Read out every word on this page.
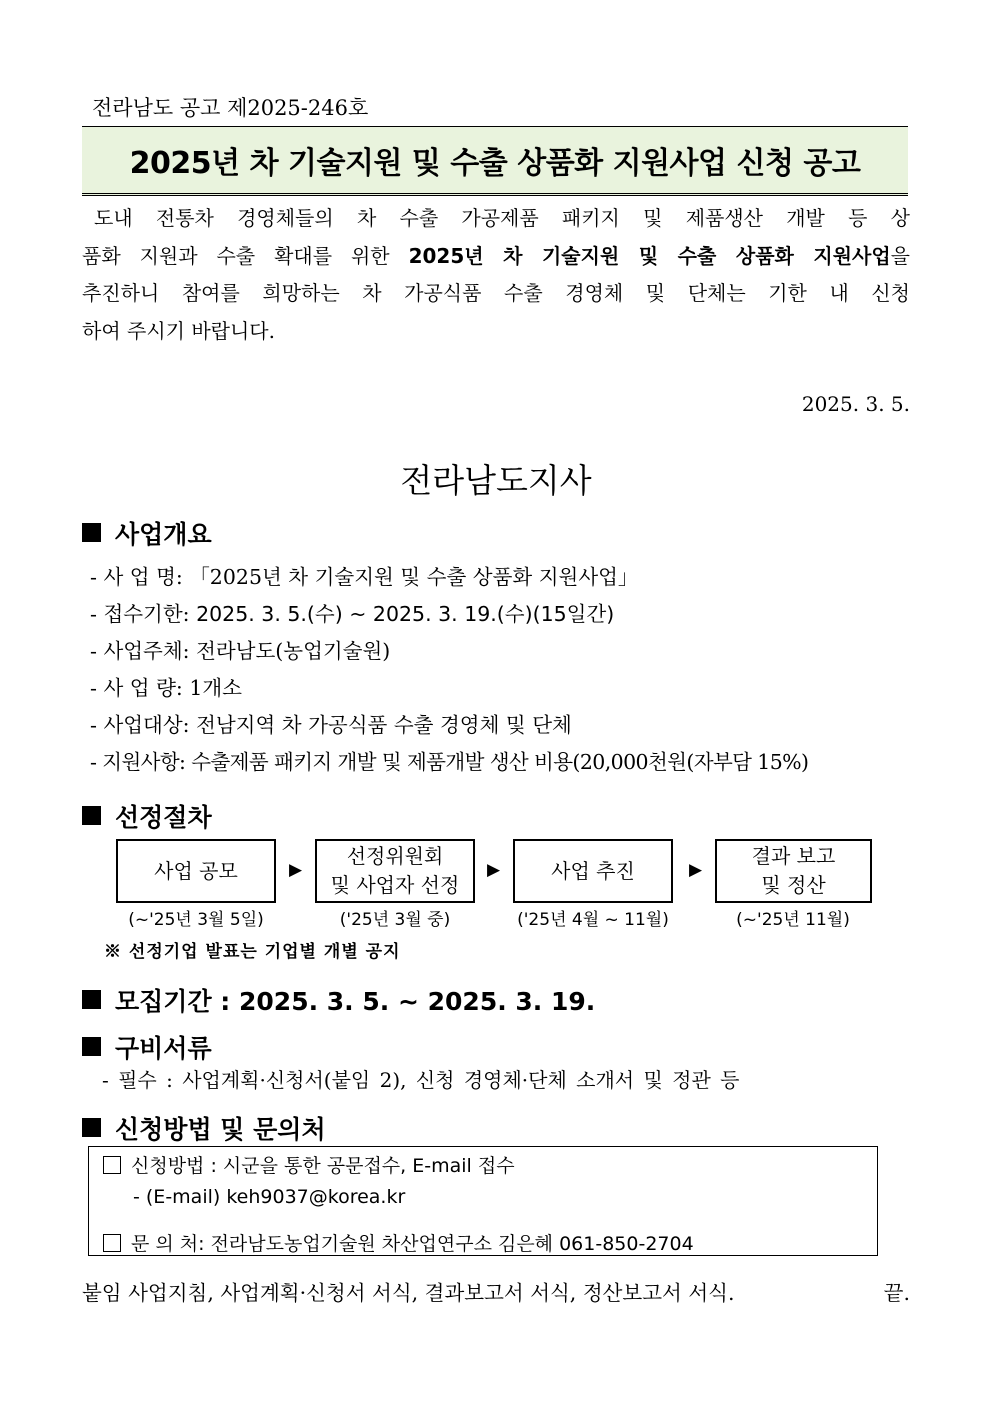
전라남도 공고 제2025-246호
2025년 차 기술지원 및 수출 상품화 지원사업 신청 공고
도내 전통차 경영체들의 차 수출 가공제품 패키지 및 제품생산 개발 등 상
품화 지원과 수출 확대를 위한 2025년 차 기술지원 및 수출 상품화 지원사업을
추진하니 참여를 희망하는 차 가공식품 수출 경영체 및 단체는 기한 내 신청
하여 주시기 바랍니다.
2025. 3. 5.
전라남도지사
사업개요
- 사 업 명: 「2025년 차 기술지원 및 수출 상품화 지원사업」
- 접수기한: 2025. 3. 5.(수) ~ 2025. 3. 19.(수)(15일간)
- 사업주체: 전라남도(농업기술원)
- 사 업 량: 1개소
- 사업대상: 전남지역 차 가공식품 수출 경영체 및 단체
- 지원사항: 수출제품 패키지 개발 및 제품개발 생산 비용(20,000천원(자부담 15%)
선정절차
사업 공모	▶
선정위원회
및 사업자 선정
▶	사업 추진	▶
결과 보고
및 정산
(~'25년 3월 5일)	('25년 3월 중)	('25년 4월 ~ 11월)	(~'25년 11월)
※ 선정기업 발표는 기업별 개별 공지
모집기간 : 2025. 3. 5. ~ 2025. 3. 19.
구비서류
- 필수 : 사업계획·신청서(붙임 2), 신청 경영체·단체 소개서 및 정관 등
신청방법 및 문의처
신청방법 : 시군을 통한 공문접수, E-mail 접수
- (E-mail) keh9037@korea.kr
문 의 처: 전라남도농업기술원 차산업연구소 김은혜 061-850-2704
붙임 사업지침, 사업계획·신청서 서식, 결과보고서 서식, 정산보고서 서식.	끝.
